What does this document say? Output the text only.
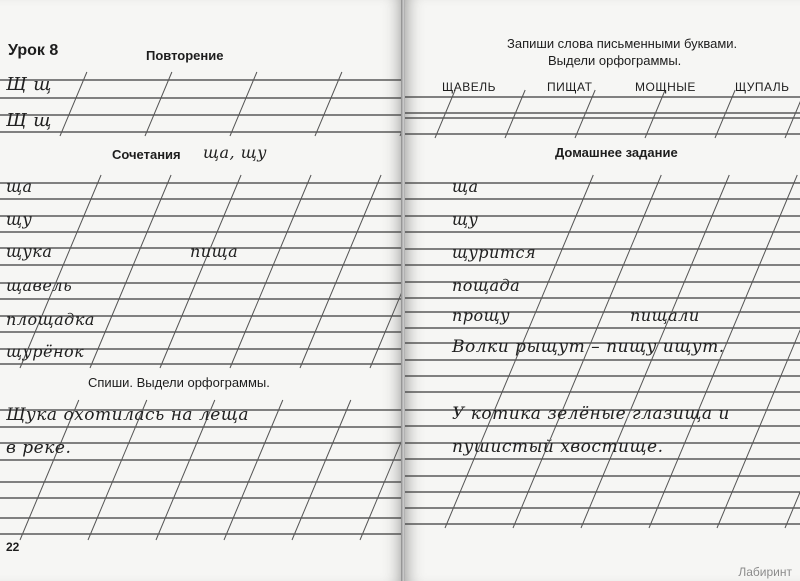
Урок 8	Повторение
Щ щ
Щ щ
Сочетания ща, щу
ща
щу
щука	пища
щавель
площадка
щурёнок
Спиши. Выдели орфограммы.
Щука охотилась на леща
в реке.
22
Запиши слова письменными буквами.
Выдели орфограммы.
ЩАВЕЛЬ	ПИЩАТ	МОЩНЫЕ	ЩУПАЛЬ
Домашнее задание
ща
щу
щурится
пощада
прощу	пищали
Волки рыщут – пищу ищут.
У котика зелёные глазища и
пушистый хвостище.
Лабиринт
